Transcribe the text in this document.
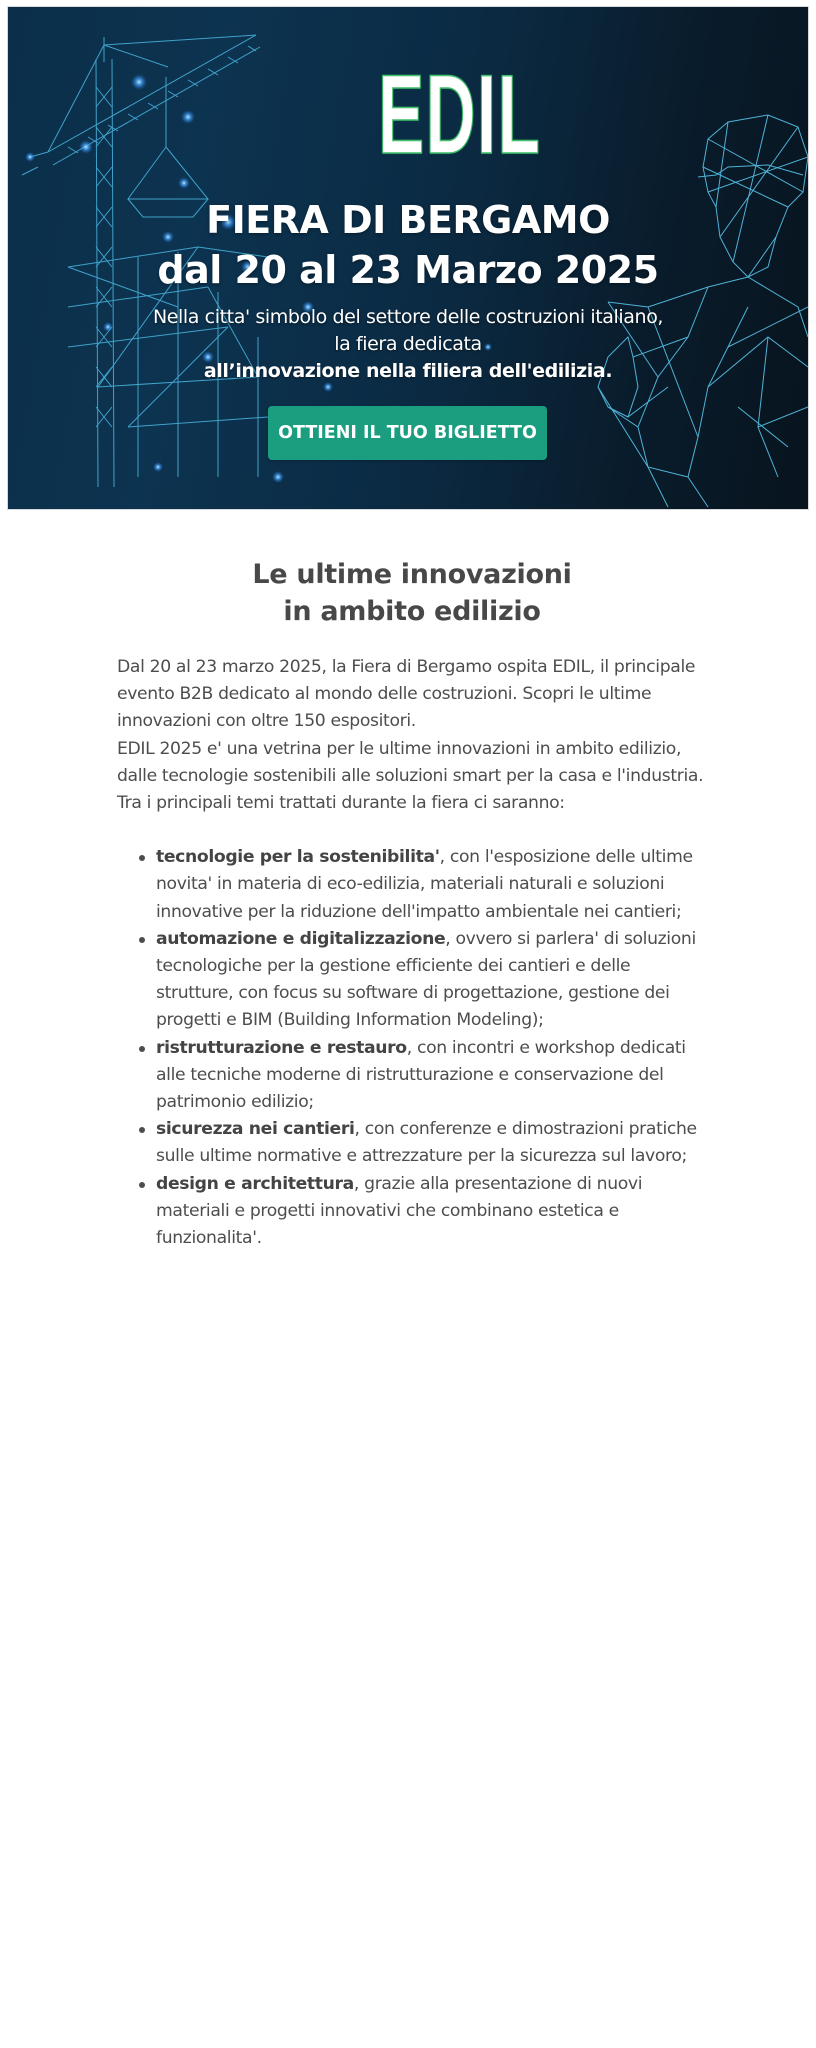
EDIL
FIERA DI BERGAMO
dal 20 al 23 Marzo 2025
Nella citta' simbolo del settore delle costruzioni italiano,
la fiera dedicata
all’innovazione nella filiera dell'edilizia.
OTTIENI IL TUO BIGLIETTO
Le ultime innovazioni
in ambito edilizio

Dal 20 al 23 marzo 2025, la Fiera di Bergamo ospita EDIL, il principale evento B2B dedicato al mondo delle costruzioni. Scopri le ultime innovazioni con oltre 150 espositori.

EDIL 2025 e' una vetrina per le ultime innovazioni in ambito edilizio, dalle tecnologie sostenibili alle soluzioni smart per la casa e l'industria.

Tra i principali temi trattati durante la fiera ci saranno:

tecnologie per la sostenibilita', con l'esposizione delle ultime novita' in materia di eco-edilizia, materiali naturali e soluzioni innovative per la riduzione dell'impatto ambientale nei cantieri;
automazione e digitalizzazione, ovvero si parlera' di soluzioni tecnologiche per la gestione efficiente dei cantieri e delle strutture, con focus su software di progettazione, gestione dei progetti e BIM (Building Information Modeling);
ristrutturazione e restauro, con incontri e workshop dedicati alle tecniche moderne di ristrutturazione e conservazione del patrimonio edilizio;
sicurezza nei cantieri, con conferenze e dimostrazioni pratiche sulle ultime normative e attrezzature per la sicurezza sul lavoro;
design e architettura, grazie alla presentazione di nuovi materiali e progetti innovativi che combinano estetica e funzionalita'.
